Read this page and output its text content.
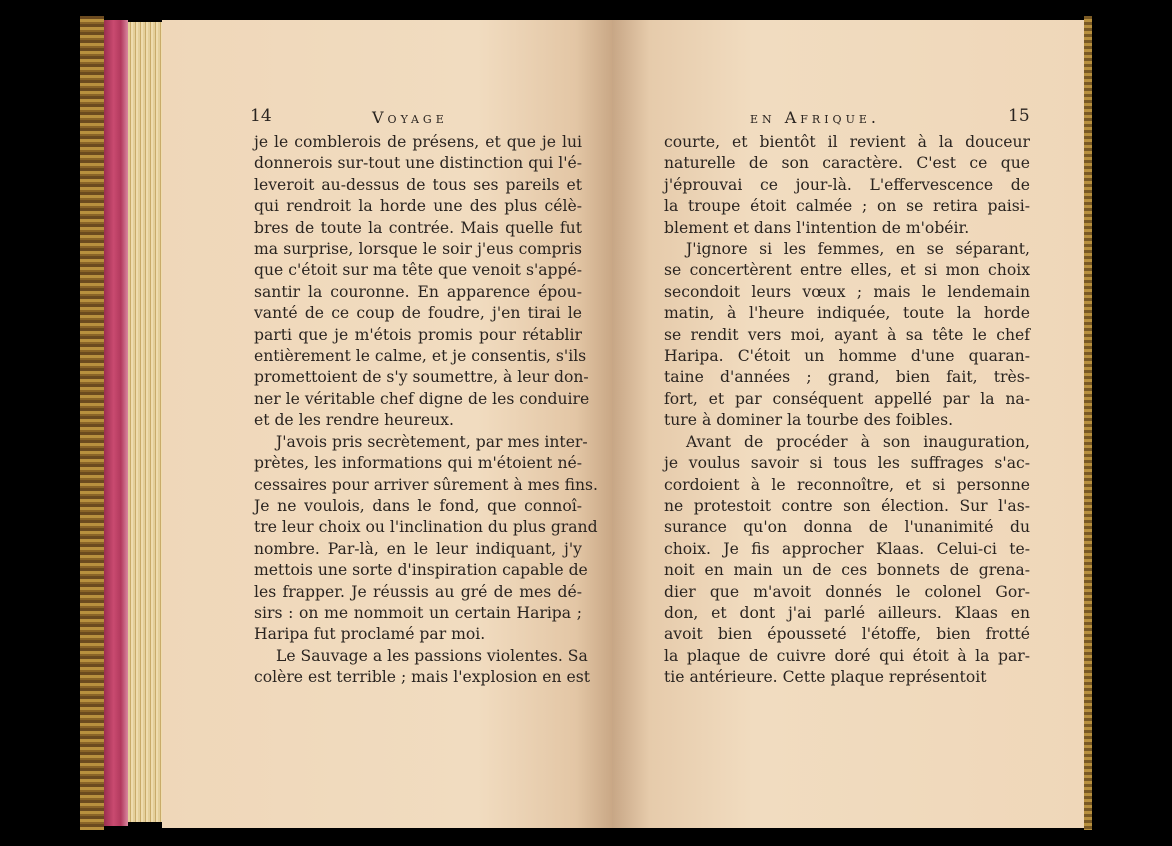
14	Voyage
je le comblerois de présens, et que je lui
donnerois sur-tout une distinction qui l'é-
leveroit au-dessus de tous ses pareils et
qui rendroit la horde une des plus célè-
bres de toute la contrée. Mais quelle fut
ma surprise, lorsque le soir j'eus compris
que c'étoit sur ma tête que venoit s'appé-
santir la couronne. En apparence épou-
vanté de ce coup de foudre, j'en tirai le
parti que je m'étois promis pour rétablir
entièrement le calme, et je consentis, s'ils
promettoient de s'y soumettre, à leur don-
ner le véritable chef digne de les conduire
et de les rendre heureux.
J'avois pris secrètement, par mes inter-
prètes, les informations qui m'étoient né-
cessaires pour arriver sûrement à mes fins.
Je ne voulois, dans le fond, que connoî-
tre leur choix ou l'inclination du plus grand
nombre. Par-là, en le leur indiquant, j'y
mettois une sorte d'inspiration capable de
les frapper. Je réussis au gré de mes dé-
sirs : on me nommoit un certain Haripa ;
Haripa fut proclamé par moi.
Le Sauvage a les passions violentes. Sa
colère est terrible ; mais l'explosion en est
en Afrique.	15
courte, et bientôt il revient à la douceur
naturelle de son caractère. C'est ce que
j'éprouvai ce jour-là. L'effervescence de
la troupe étoit calmée ; on se retira paisi-
blement et dans l'intention de m'obéir.
J'ignore si les femmes, en se séparant,
se concertèrent entre elles, et si mon choix
secondoit leurs vœux ; mais le lendemain
matin, à l'heure indiquée, toute la horde
se rendit vers moi, ayant à sa tête le chef
Haripa. C'étoit un homme d'une quaran-
taine d'années ; grand, bien fait, très-
fort, et par conséquent appellé par la na-
ture à dominer la tourbe des foibles.
Avant de procéder à son inauguration,
je voulus savoir si tous les suffrages s'ac-
cordoient à le reconnoître, et si personne
ne protestoit contre son élection. Sur l'as-
surance qu'on donna de l'unanimité du
choix. Je fis approcher Klaas. Celui-ci te-
noit en main un de ces bonnets de grena-
dier que m'avoit donnés le colonel Gor-
don, et dont j'ai parlé ailleurs. Klaas en
avoit bien épousseté l'étoffe, bien frotté
la plaque de cuivre doré qui étoit à la par-
tie antérieure. Cette plaque représentoit
